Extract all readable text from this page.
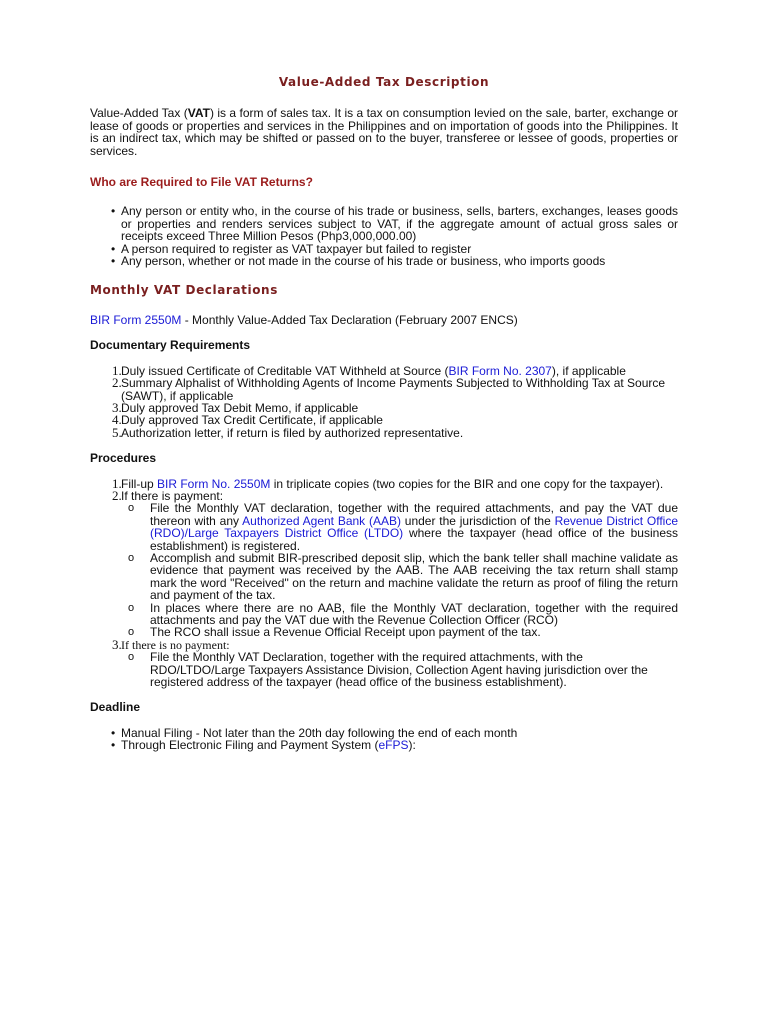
Value-Added Tax Description

Value-Added Tax (VAT) is a form of sales tax. It is a tax on consumption levied on the sale, barter, exchange or lease of goods or properties and services in the Philippines and on importation of goods into the Philippines. It is an indirect tax, which may be shifted or passed on to the buyer, transferee or lessee of goods, properties or services.

Who are Required to File VAT Returns?
• Any person or entity who, in the course of his trade or business, sells, barters, exchanges, leases goods or properties and renders services subject to VAT, if the aggregate amount of actual gross sales or receipts exceed Three Million Pesos (Php3,000,000.00)
• A person required to register as VAT taxpayer but failed to register
• Any person, whether or not made in the course of his trade or business, who imports goods
Monthly VAT Declarations

BIR Form 2550M - Monthly Value-Added Tax Declaration (February 2007 ENCS)

Documentary Requirements
1. Duly issued Certificate of Creditable VAT Withheld at Source (BIR Form No. 2307), if applicable
2. Summary Alphalist of Withholding Agents of Income Payments Subjected to Withholding Tax at Source (SAWT), if applicable
3. Duly approved Tax Debit Memo, if applicable
4. Duly approved Tax Credit Certificate, if applicable
5. Authorization letter, if return is filed by authorized representative.
Procedures
1. Fill-up BIR Form No. 2550M in triplicate copies (two copies for the BIR and one copy for the taxpayer).
2. If there is payment:
o File the Monthly VAT declaration, together with the required attachments, and pay the VAT due thereon with any Authorized Agent Bank (AAB) under the jurisdiction of the Revenue District Office (RDO)/Large Taxpayers District Office (LTDO) where the taxpayer (head office of the business establishment) is registered.
o Accomplish and submit BIR-prescribed deposit slip, which the bank teller shall machine validate as evidence that payment was received by the AAB. The AAB receiving the tax return shall stamp mark the word "Received" on the return and machine validate the return as proof of filing the return and payment of the tax.
o In places where there are no AAB, file the Monthly VAT declaration, together with the required attachments and pay the VAT due with the Revenue Collection Officer (RCO)
o The RCO shall issue a Revenue Official Receipt upon payment of the tax.
3. If there is no payment:
o File the Monthly VAT Declaration, together with the required attachments, with the RDO/LTDO/Large Taxpayers Assistance Division, Collection Agent having jurisdiction over the registered address of the taxpayer (head office of the business establishment).
Deadline
• Manual Filing - Not later than the 20th day following the end of each month
• Through Electronic Filing and Payment System (eFPS):
